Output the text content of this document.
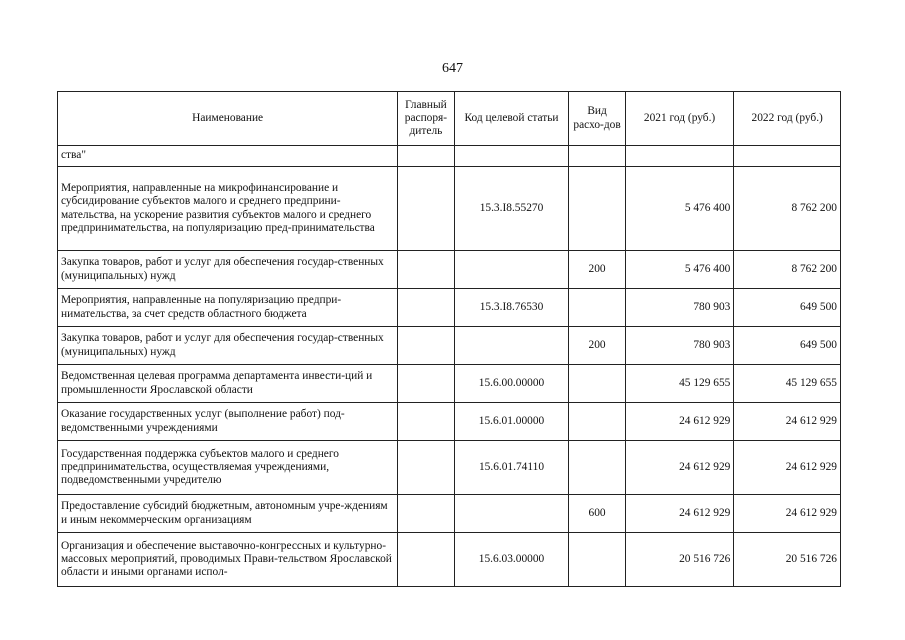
647
Наименование	Главный распоря-дитель	Код целевой статьи	Вид расхо-дов	2021 год (руб.)	2022 год (руб.)
ства"					
Мероприятия, направленные на микрофинансирование и субсидирование субъектов малого и среднего предприни-мательства, на ускорение развития субъектов малого и среднего предпринимательства, на популяризацию пред-принимательства		15.3.I8.55270		5 476 400	8 762 200
Закупка товаров, работ и услуг для обеспечения государ-ственных (муниципальных) нужд			200	5 476 400	8 762 200
Мероприятия, направленные на популяризацию предпри-нимательства, за счет средств областного бюджета		15.3.I8.76530		780 903	649 500
Закупка товаров, работ и услуг для обеспечения государ-ственных (муниципальных) нужд			200	780 903	649 500
Ведомственная целевая программа департамента инвести-ций и промышленности Ярославской области		15.6.00.00000		45 129 655	45 129 655
Оказание государственных услуг (выполнение работ) под-ведомственными учреждениями		15.6.01.00000		24 612 929	24 612 929
Государственная поддержка субъектов малого и среднего предпринимательства, осуществляемая учреждениями, подведомственными учредителю		15.6.01.74110		24 612 929	24 612 929
Предоставление субсидий бюджетным, автономным учре-ждениям и иным некоммерческим организациям			600	24 612 929	24 612 929
Организация и обеспечение выставочно-конгрессных и культурно-массовых мероприятий, проводимых Прави-тельством Ярославской области и иными органами испол-		15.6.03.00000		20 516 726	20 516 726
